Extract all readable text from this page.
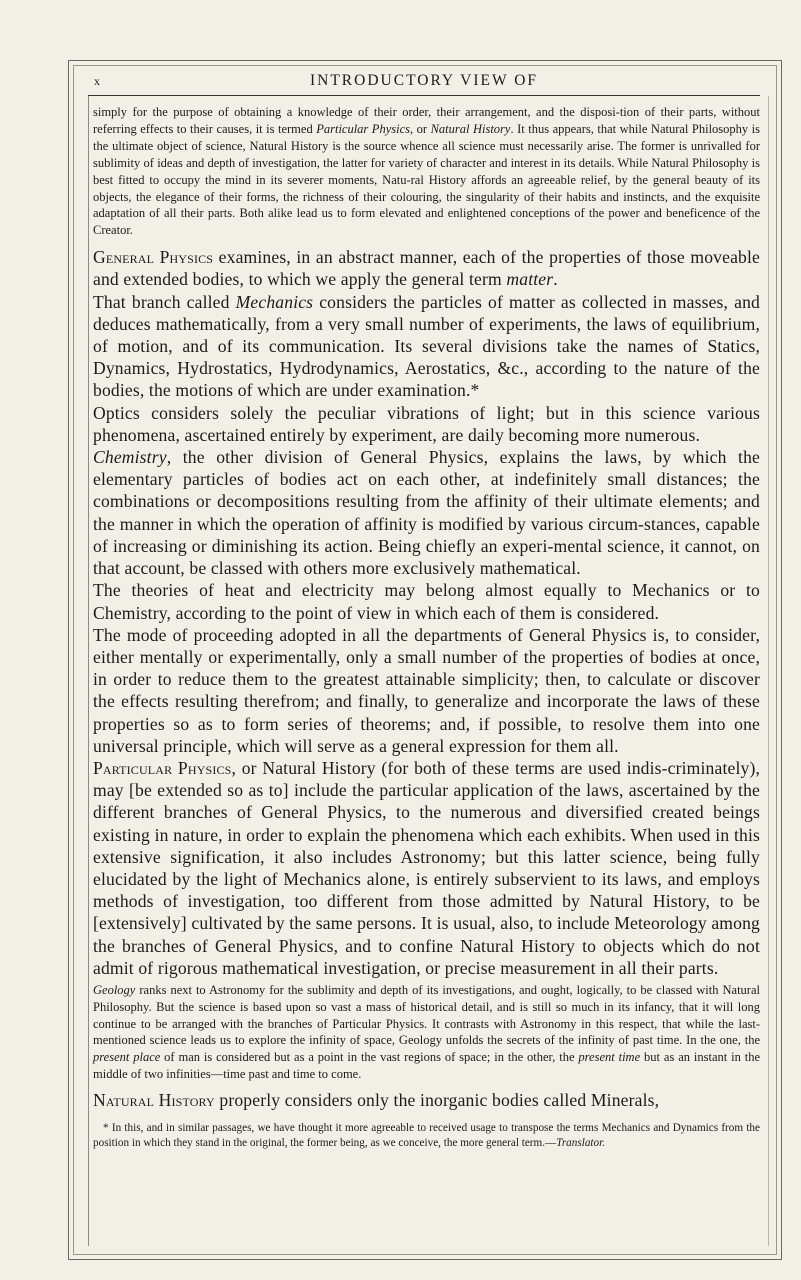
x	INTRODUCTORY VIEW OF

simply for the purpose of obtaining a knowledge of their order, their arrangement, and the disposi-tion of their parts, without referring effects to their causes, it is termed Particular Physics, or Natural History. It thus appears, that while Natural Philosophy is the ultimate object of science, Natural History is the source whence all science must necessarily arise. The former is unrivalled for sublimity of ideas and depth of investigation, the latter for variety of character and interest in its details. While Natural Philosophy is best fitted to occupy the mind in its severer moments, Natu-ral History affords an agreeable relief, by the general beauty of its objects, the elegance of their forms, the richness of their colouring, the singularity of their habits and instincts, and the exquisite adaptation of all their parts. Both alike lead us to form elevated and enlightened conceptions of the power and beneficence of the Creator.

General Physics examines, in an abstract manner, each of the properties of those moveable and extended bodies, to which we apply the general term matter.

That branch called Mechanics considers the particles of matter as collected in masses, and deduces mathematically, from a very small number of experiments, the laws of equilibrium, of motion, and of its communication. Its several divisions take the names of Statics, Dynamics, Hydrostatics, Hydrodynamics, Aerostatics, &c., according to the nature of the bodies, the motions of which are under examination.*

Optics considers solely the peculiar vibrations of light; but in this science various phenomena, ascertained entirely by experiment, are daily becoming more numerous.

Chemistry, the other division of General Physics, explains the laws, by which the elementary particles of bodies act on each other, at indefinitely small distances; the combinations or decompositions resulting from the affinity of their ultimate elements; and the manner in which the operation of affinity is modified by various circum-stances, capable of increasing or diminishing its action. Being chiefly an experi-mental science, it cannot, on that account, be classed with others more exclusively mathematical.

The theories of heat and electricity may belong almost equally to Mechanics or to Chemistry, according to the point of view in which each of them is considered.

The mode of proceeding adopted in all the departments of General Physics is, to consider, either mentally or experimentally, only a small number of the properties of bodies at once, in order to reduce them to the greatest attainable simplicity; then, to calculate or discover the effects resulting therefrom; and finally, to generalize and incorporate the laws of these properties so as to form series of theorems; and, if possible, to resolve them into one universal principle, which will serve as a general expression for them all.

Particular Physics, or Natural History (for both of these terms are used indis-criminately), may [be extended so as to] include the particular application of the laws, ascertained by the different branches of General Physics, to the numerous and diversified created beings existing in nature, in order to explain the phenomena which each exhibits. When used in this extensive signification, it also includes Astronomy; but this latter science, being fully elucidated by the light of Mechanics alone, is entirely subservient to its laws, and employs methods of investigation, too different from those admitted by Natural History, to be [extensively] cultivated by the same persons. It is usual, also, to include Meteorology among the branches of General Physics, and to confine Natural History to objects which do not admit of rigorous mathematical investigation, or precise measurement in all their parts.

Geology ranks next to Astronomy for the sublimity and depth of its investigations, and ought, logically, to be classed with Natural Philosophy. But the science is based upon so vast a mass of historical detail, and is still so much in its infancy, that it will long continue to be arranged with the branches of Particular Physics. It contrasts with Astronomy in this respect, that while the last-mentioned science leads us to explore the infinity of space, Geology unfolds the secrets of the infinity of past time. In the one, the present place of man is considered but as a point in the vast regions of space; in the other, the present time but as an instant in the middle of two infinities—time past and time to come.

Natural History properly considers only the inorganic bodies called Minerals,

* In this, and in similar passages, we have thought it more agreeable to received usage to transpose the terms Mechanics and Dynamics from the position in which they stand in the original, the former being, as we conceive, the more general term.—Translator.
